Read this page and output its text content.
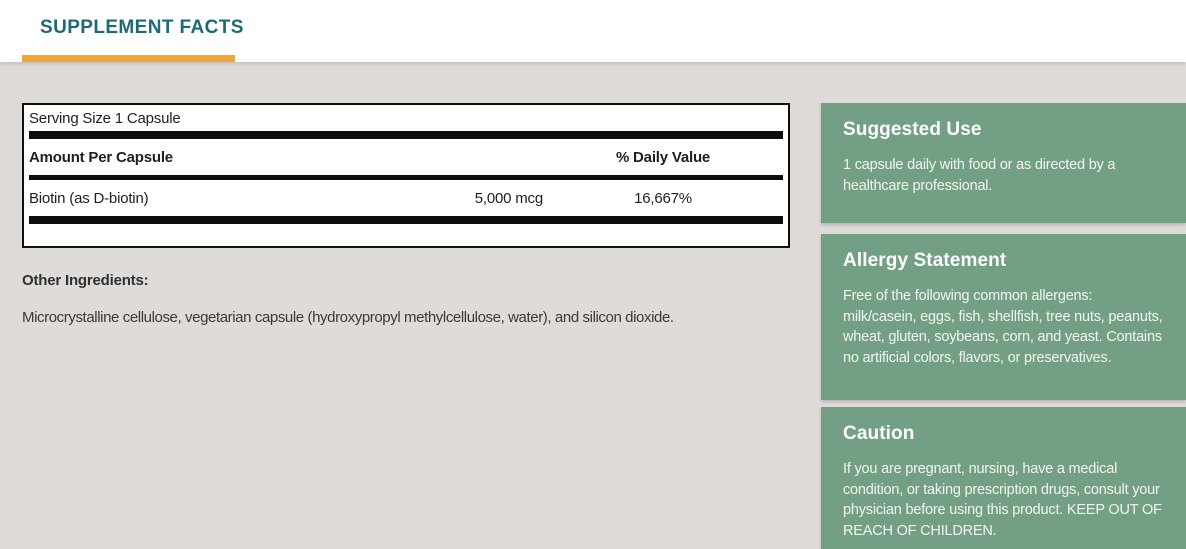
SUPPLEMENT FACTS
Serving Size 1 Capsule
Amount Per Capsule	% Daily Value
Biotin (as D-biotin)	5,000 mcg	16,667%
Other Ingredients:
Microcrystalline cellulose, vegetarian capsule (hydroxypropyl methylcellulose, water), and silicon dioxide.
Suggested Use
1 capsule daily with food or as directed by a healthcare professional.
Allergy Statement
Free of the following common allergens: milk/casein, eggs, fish, shellfish, tree nuts, peanuts, wheat, gluten, soybeans, corn, and yeast. Contains no artificial colors, flavors, or preservatives.
Caution
If you are pregnant, nursing, have a medical condition, or taking prescription drugs, consult your physician before using this product. KEEP OUT OF REACH OF CHILDREN.
